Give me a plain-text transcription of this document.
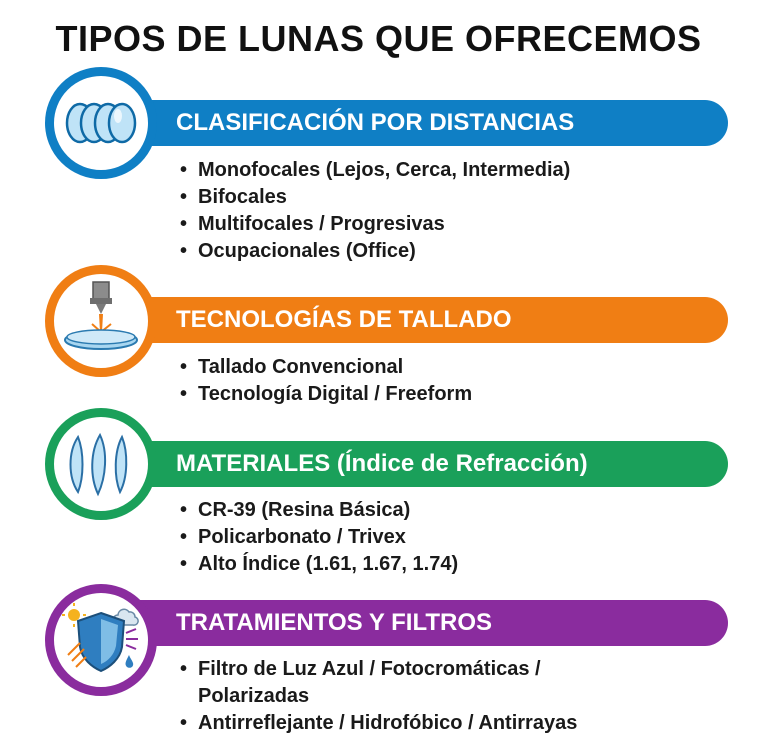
TIPOS DE LUNAS QUE OFRECEMOS
CLASIFICACIÓN POR DISTANCIAS
• Monofocales (Lejos, Cerca, Intermedia)
• Bifocales
• Multifocales / Progresivas
• Ocupacionales (Office)
TECNOLOGÍAS DE TALLADO
• Tallado Convencional
• Tecnología Digital / Freeform
MATERIALES (Índice de Refracción)
• CR-39 (Resina Básica)
• Policarbonato / Trivex
• Alto Índice (1.61, 1.67, 1.74)
TRATAMIENTOS Y FILTROS
• Filtro de Luz Azul / Fotocromáticas /
Polarizadas
• Antirreflejante / Hidrofóbico / Antirrayas
